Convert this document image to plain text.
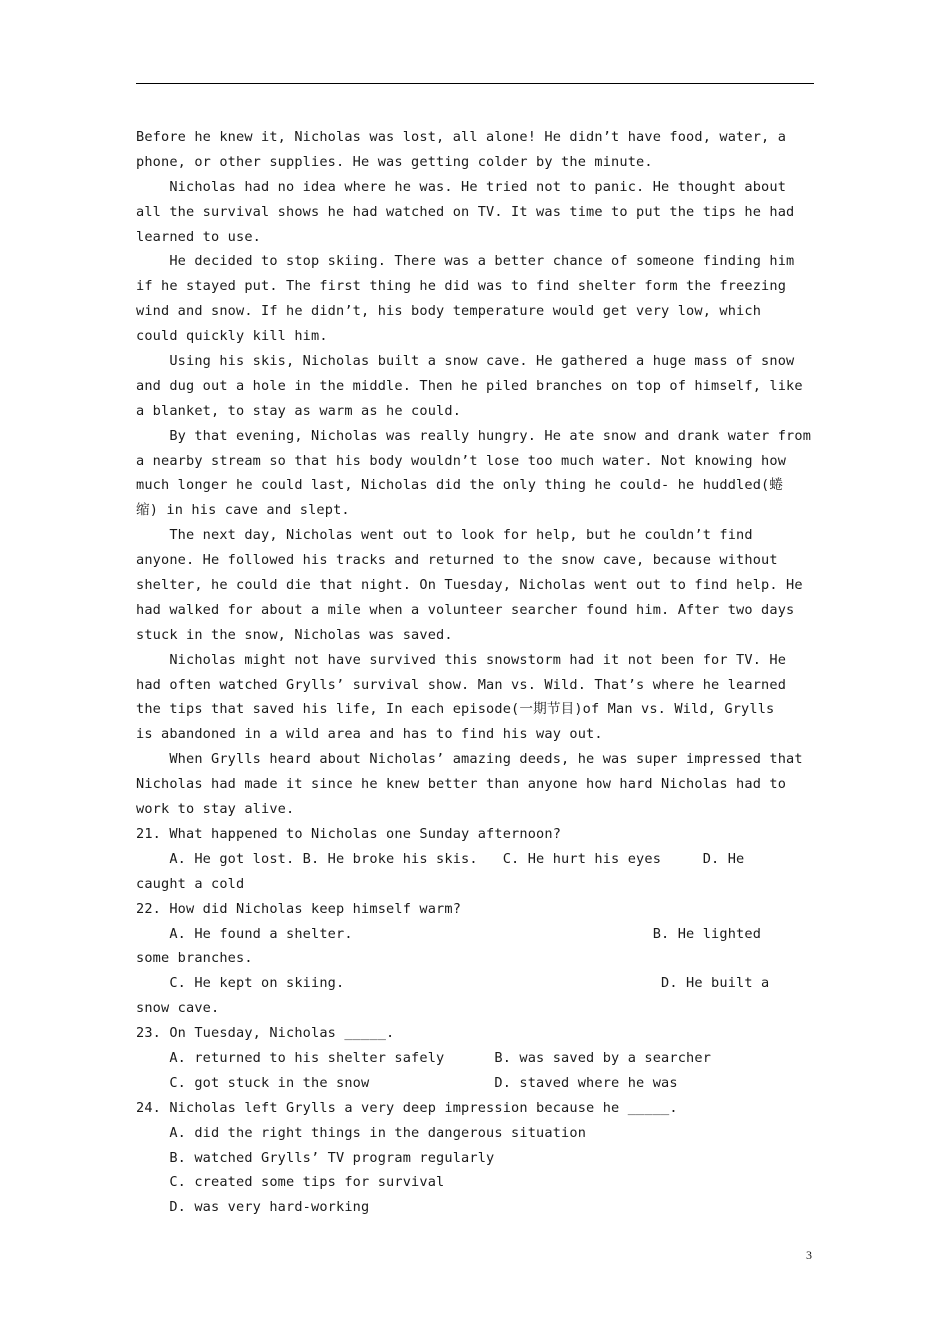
Before he knew it, Nicholas was lost, all alone! He didn’t have food, water, a
phone, or other supplies. He was getting colder by the minute.
Nicholas had no idea where he was. He tried not to panic. He thought about
all the survival shows he had watched on TV. It was time to put the tips he had
learned to use.
He decided to stop skiing. There was a better chance of someone finding him
if he stayed put. The first thing he did was to find shelter form the freezing
wind and snow. If he didn’t, his body temperature would get very low, which
could quickly kill him.
Using his skis, Nicholas built a snow cave. He gathered a huge mass of snow
and dug out a hole in the middle. Then he piled branches on top of himself, like
a blanket, to stay as warm as he could.
By that evening, Nicholas was really hungry. He ate snow and drank water from
a nearby stream so that his body wouldn’t lose too much water. Not knowing how
much longer he could last, Nicholas did the only thing he could- he huddled(蜷
缩) in his cave and slept.
The next day, Nicholas went out to look for help, but he couldn’t find
anyone. He followed his tracks and returned to the snow cave, because without
shelter, he could die that night. On Tuesday, Nicholas went out to find help. He
had walked for about a mile when a volunteer searcher found him. After two days
stuck in the snow, Nicholas was saved.
Nicholas might not have survived this snowstorm had it not been for TV. He
had often watched Grylls’ survival show. Man vs. Wild. That’s where he learned
the tips that saved his life, In each episode(一期节目)of Man vs. Wild, Grylls
is abandoned in a wild area and has to find his way out.
When Grylls heard about Nicholas’ amazing deeds, he was super impressed that
Nicholas had made it since he knew better than anyone how hard Nicholas had to
work to stay alive.
21. What happened to Nicholas one Sunday afternoon?
A. He got lost. B. He broke his skis.   C. He hurt his eyes     D. He
caught a cold
22. How did Nicholas keep himself warm?
A. He found a shelter.                                    B. He lighted
some branches.
C. He kept on skiing.                                      D. He built a
snow cave.
23. On Tuesday, Nicholas _____.
A. returned to his shelter safely      B. was saved by a searcher
C. got stuck in the snow               D. staved where he was
24. Nicholas left Grylls a very deep impression because he _____.
A. did the right things in the dangerous situation
B. watched Grylls’ TV program regularly
C. created some tips for survival
D. was very hard-working
3
